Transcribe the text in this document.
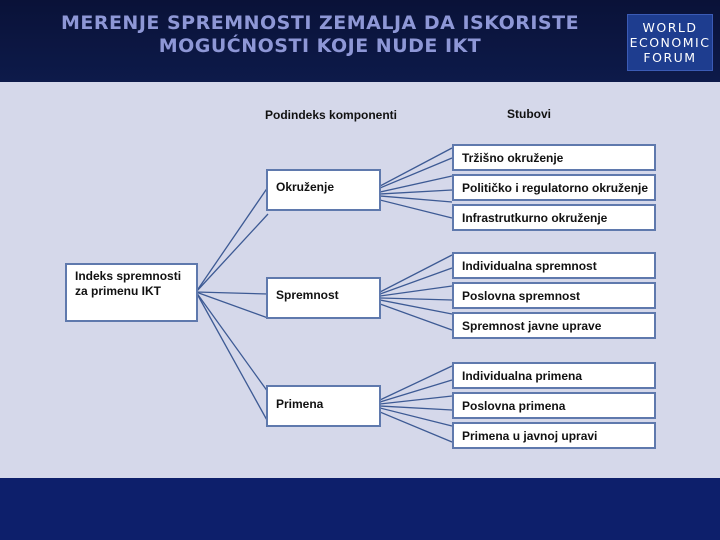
MERENJE SPREMNOSTI ZEMALJA DA ISKORISTE
MOGUĆNOSTI KOJE NUDE IKT
WORLD
ECONOMIC
FORUM
Podindeks komponenti	Stubovi
Indeks spremnosti za primenu IKT
Okruženje
Spremnost
Primena
Tržišno okruženje
Političko i regulatorno okruženje
Infrastrutkurno okruženje
Individualna spremnost
Poslovna spremnost
Spremnost javne uprave
Individualna primena
Poslovna primena
Primena u javnoj upravi
